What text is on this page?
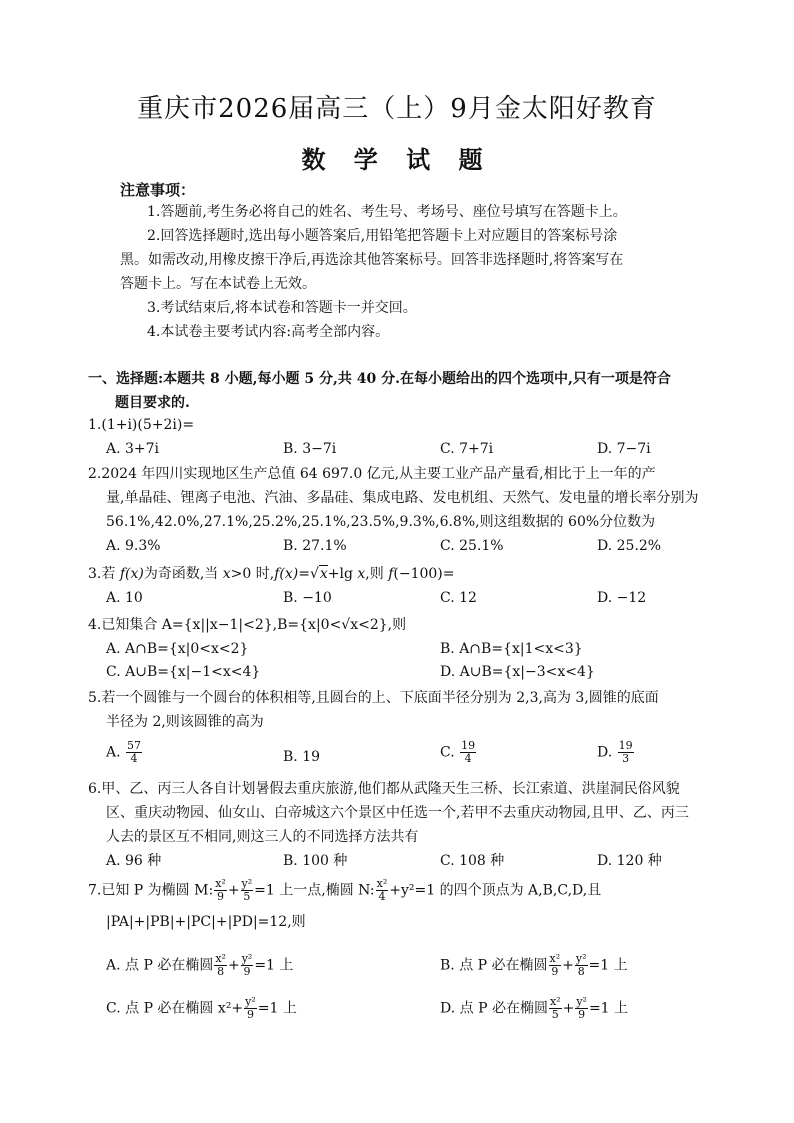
重庆市2026届高三（上）9月金太阳好教育
数 学 试 题
注意事项：
1.答题前,考生务必将自己的姓名、考生号、考场号、座位号填写在答题卡上。
2.回答选择题时,选出每小题答案后,用铅笔把答题卡上对应题目的答案标号涂
黑。如需改动,用橡皮擦干净后,再选涂其他答案标号。回答非选择题时,将答案写在
答题卡上。写在本试卷上无效。
3.考试结束后,将本试卷和答题卡一并交回。
4.本试卷主要考试内容:高考全部内容。
一、选择题:本题共 8 小题,每小题 5 分,共 40 分.在每小题给出的四个选项中,只有一项是符合
题目要求的.
1.(1+i)(5+2i)=
A. 3+7i	B. 3−7i	C. 7+7i	D. 7−7i
2.2024 年四川实现地区生产总值 64 697.0 亿元,从主要工业产品产量看,相比于上一年的产
量,单晶硅、锂离子电池、汽油、多晶硅、集成电路、发电机组、天然气、发电量的增长率分别为
56.1%,42.0%,27.1%,25.2%,25.1%,23.5%,9.3%,6.8%,则这组数据的 60%分位数为
A. 9.3%	B. 27.1%	C. 25.1%	D. 25.2%
3.若 f(x)为奇函数,当 x>0 时,f(x)=√x+lg x,则 f(−100)=
A. 10	B. −10	C. 12	D. −12
4.已知集合 A={x||x−1|<2},B={x|0<√x<2},则
A. A∩B={x|0<x<2}	B. A∩B={x|1<x<3}
C. A∪B={x|−1<x<4}	D. A∪B={x|−3<x<4}
5.若一个圆锥与一个圆台的体积相等,且圆台的上、下底面半径分别为 2,3,高为 3,圆锥的底面
半径为 2,则该圆锥的高为
A. $\frac{57}{4}$	B. 19	C. $\frac{19}{4}$	D. $\frac{19}{3}$
6.甲、乙、丙三人各自计划暑假去重庆旅游,他们都从武隆天生三桥、长江索道、洪崖洞民俗风貌
区、重庆动物园、仙女山、白帝城这六个景区中任选一个,若甲不去重庆动物园,且甲、乙、丙三
人去的景区互不相同,则这三人的不同选择方法共有
A. 96 种	B. 100 种	C. 108 种	D. 120 种
7.已知 P 为椭圆 M: $\frac{\text{x²}}{9} + \frac{\text{y²}}{5} =1$ 上一点,椭圆 N: $\frac{\text{x²}}{4} +y^2=1$ 的四个顶点为 A,B,C,D,且
|PA|+|PB|+|PC|+|PD|=12,则
A. 点 P 必在椭圆 $\frac{\text{x²}}{8} + \frac{\text{y²}}{9} =1$ 上	B. 点 P 必在椭圆 $\frac{\text{x²}}{9} + \frac{\text{y²}}{8} =1$ 上
C. 点 P 必在椭圆 $x^2+ \frac{\text{y²}}{9} =1$ 上	D. 点 P 必在椭圆 $\frac{\text{x²}}{5} + \frac{\text{y²}}{9} =1$ 上
